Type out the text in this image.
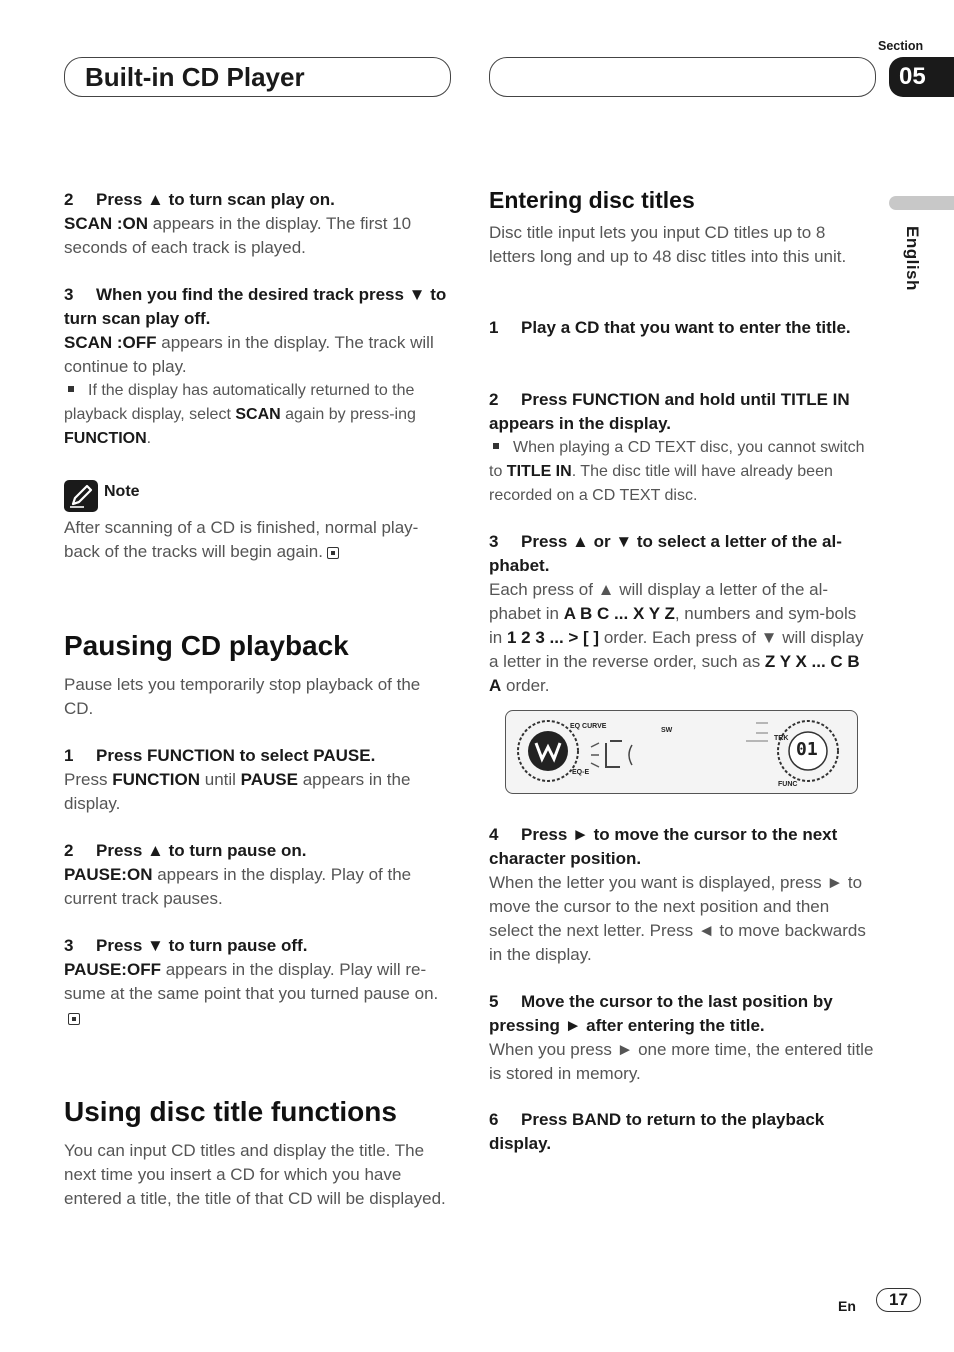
Built-in CD Player
Section
05
English
2 Press ▲ to turn scan play on.
SCAN :ON appears in the display. The first 10 seconds of each track is played.
3 When you find the desired track press ▼ to turn scan play off.
SCAN :OFF appears in the display. The track will continue to play.
If the display has automatically returned to the playback display, select SCAN again by press-ing FUNCTION.
Note
After scanning of a CD is finished, normal play-back of the tracks will begin again.
Pausing CD playback
Pause lets you temporarily stop playback of the CD.
1 Press FUNCTION to select PAUSE.
Press FUNCTION until PAUSE appears in the display.
2 Press ▲ to turn pause on.
PAUSE:ON appears in the display. Play of the current track pauses.
3 Press ▼ to turn pause off.
PAUSE:OFF appears in the display. Play will re-sume at the same point that you turned pause on.
Using disc title functions
You can input CD titles and display the title. The next time you insert a CD for which you have entered a title, the title of that CD will be displayed.
Entering disc titles
Disc title input lets you input CD titles up to 8 letters long and up to 48 disc titles into this unit.
1 Play a CD that you want to enter the title.
2 Press FUNCTION and hold until TITLE IN appears in the display.
When playing a CD TEXT disc, you cannot switch to TITLE IN. The disc title will have already been recorded on a CD TEXT disc.
3 Press ▲ or ▼ to select a letter of the al-phabet.
Each press of ▲ will display a letter of the al-phabet in A B C ... X Y Z, numbers and sym-bols in 1 2 3 ... > [ ] order. Each press of ▼ will display a letter in the reverse order, such as Z Y X ... C B A order.
EQ CURVE
SW
EQ-E
TRK
FUNC
01
4 Press ► to move the cursor to the next character position.
When the letter you want is displayed, press ► to move the cursor to the next position and then select the next letter. Press ◄ to move backwards in the display.
5 Move the cursor to the last position by pressing ► after entering the title.
When you press ► one more time, the entered title is stored in memory.
6 Press BAND to return to the playback display.
En	17
